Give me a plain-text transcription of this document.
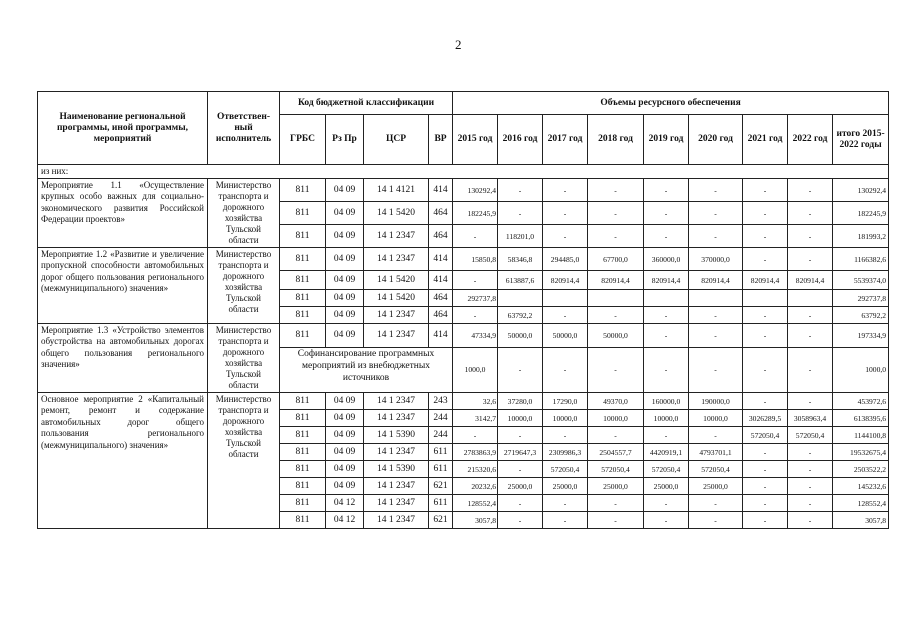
2
Наименование региональной программы, иной программы, мероприятий	Ответствен- ный исполнитель	Код бюджетной классификации				Объемы ресурсного обеспечения								
		ГРБС	Рз Пр	ЦСР	ВР	2015 год	2016 год	2017 год	2018 год	2019 год	2020 год	2021 год	2022 год	итого 2015- 2022 годы
из них:														
Мероприятие 1.1 «Осуществление крупных особо важных для социально-экономического развития Российской Федерации проектов»	Министерство транспорта и дорожного хозяйства Тульской области	811	04 09	14 1 4121	414	130292,4	-	-	-	-	-	-	-	130292,4
		811	04 09	14 1 5420	464	182245,9	-	-	-	-	-	-	-	182245,9
		811	04 09	14 1 2347	464	-	118201,0	-	-	-	-	-	-	181993,2
Мероприятие 1.2 «Развитие и увеличение пропускной способности автомобильных дорог общего пользования регионального (межмуниципального) значения»	Министерство транспорта и дорожного хозяйства Тульской области	811	04 09	14 1 2347	414	15850,8	58346,8	294485,0	67700,0	360000,0	370000,0	-	-	1166382,6
		811	04 09	14 1 5420	414	-	613887,6	820914,4	820914,4	820914,4	820914,4	820914,4	820914,4	5539374,0
		811	04 09	14 1 5420	464	292737,8								292737,8
		811	04 09	14 1 2347	464	-	63792,2	-	-	-	-	-	-	63792,2
Мероприятие 1.3 «Устройство элементов обустройства на автомобильных дорогах общего пользования регионального значения»	Министерство транспорта и дорожного хозяйства Тульской области	811	04 09	14 1 2347	414	47334,9	50000,0	50000,0	50000,0	-	-	-	-	197334,9
		Софинансирование программных мероприятий из внебюджетных источников				1000,0	-	-	-	-	-	-	-	1000,0
Основное мероприятие 2 «Капитальный ремонт, ремонт и содержание автомобильных дорог общего пользования регионального (межмуниципального) значения»	Министерство транспорта и дорожного хозяйства Тульской области	811	04 09	14 1 2347	243	32,6	37280,0	17290,0	49370,0	160000,0	190000,0	-	-	453972,6
		811	04 09	14 1 2347	244	3142,7	10000,0	10000,0	10000,0	10000,0	10000,0	3026289,5	3058963,4	6138395,6
		811	04 09	14 1 5390	244	-	-	-	-	-	-	572050,4	572050,4	1144100,8
		811	04 09	14 1 2347	611	2783863,9	2719647,3	2309986,3	2504557,7	4420919,1	4793701,1	-	-	19532675,4
		811	04 09	14 1 5390	611	215320,6	-	572050,4	572050,4	572050,4	572050,4	-	-	2503522,2
		811	04 09	14 1 2347	621	20232,6	25000,0	25000,0	25000,0	25000,0	25000,0	-	-	145232,6
		811	04 12	14 1 2347	611	128552,4	-	-	-	-	-	-	-	128552,4
		811	04 12	14 1 2347	621	3057,8	-	-	-	-	-	-	-	3057,8
